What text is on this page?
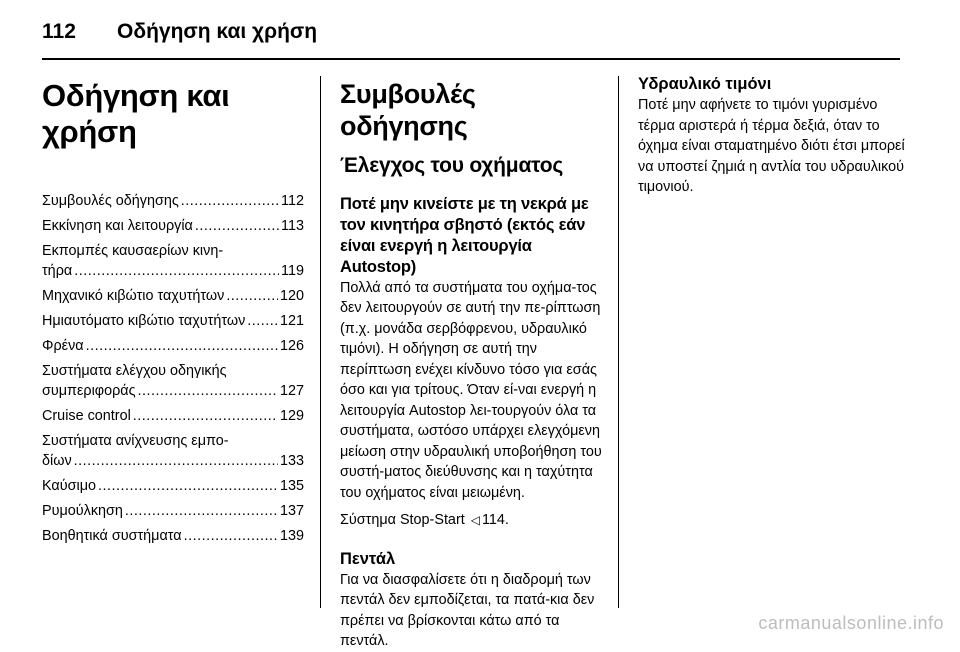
112 Οδήγηση και χρήση
Οδήγηση και χρήση
Συμβουλές οδήγησης .....	112
Εκκίνηση και λειτουργία .....	113
Εκπομπές καυσαερίων κινη-
τήρα .....	119
Μηχανικό κιβώτιο ταχυτήτων .....	120
Ημιαυτόματο κιβώτιο ταχυτήτων ..... 121
Φρένα .....	126
Συστήματα ελέγχου οδηγικής
συμπεριφοράς .....	127
Cruise control .....	129
Συστήματα ανίχνευσης εμπο-
δίων .....	133
Καύσιμο .....	135
Ρυμούλκηση .....	137
Βοηθητικά συστήματα .....	139
Συμβουλές οδήγησης
Έλεγχος του οχήματος

Ποτέ μην κινείστε με τη νεκρά με τον κινητήρα σβηστό (εκτός εάν είναι ενεργή η λειτουργία Autostop)

Πολλά από τα συστήματα του οχήμα-τος δεν λειτουργούν σε αυτή την πε-ρίπτωση (π.χ. μονάδα σερβόφρενου, υδραυλικό τιμόνι). Η οδήγηση σε αυτή την περίπτωση ενέχει κίνδυνο τόσο για εσάς όσο και για τρίτους. Όταν εί-ναι ενεργή η λειτουργία Autostop λει-τουργούν όλα τα συστήματα, ωστόσο υπάρχει ελεγχόμενη μείωση στην υδραυλική υποβοήθηση του συστή-ματος διεύθυνσης και η ταχύτητα του οχήματος είναι μειωμένη.

Σύστημα Stop-Start ◁ 114.

Πεντάλ

Για να διασφαλίσετε ότι η διαδρομή των πεντάλ δεν εμποδίζεται, τα πατά-κια δεν πρέπει να βρίσκονται κάτω από τα πεντάλ.

Υδραυλικό τιμόνι

Ποτέ μην αφήνετε το τιμόνι γυρισμένο τέρμα αριστερά ή τέρμα δεξιά, όταν το όχημα είναι σταματημένο διότι έτσι μπορεί να υποστεί ζημιά η αντλία του υδραυλικού τιμονιού.

carmanualsonline.info
